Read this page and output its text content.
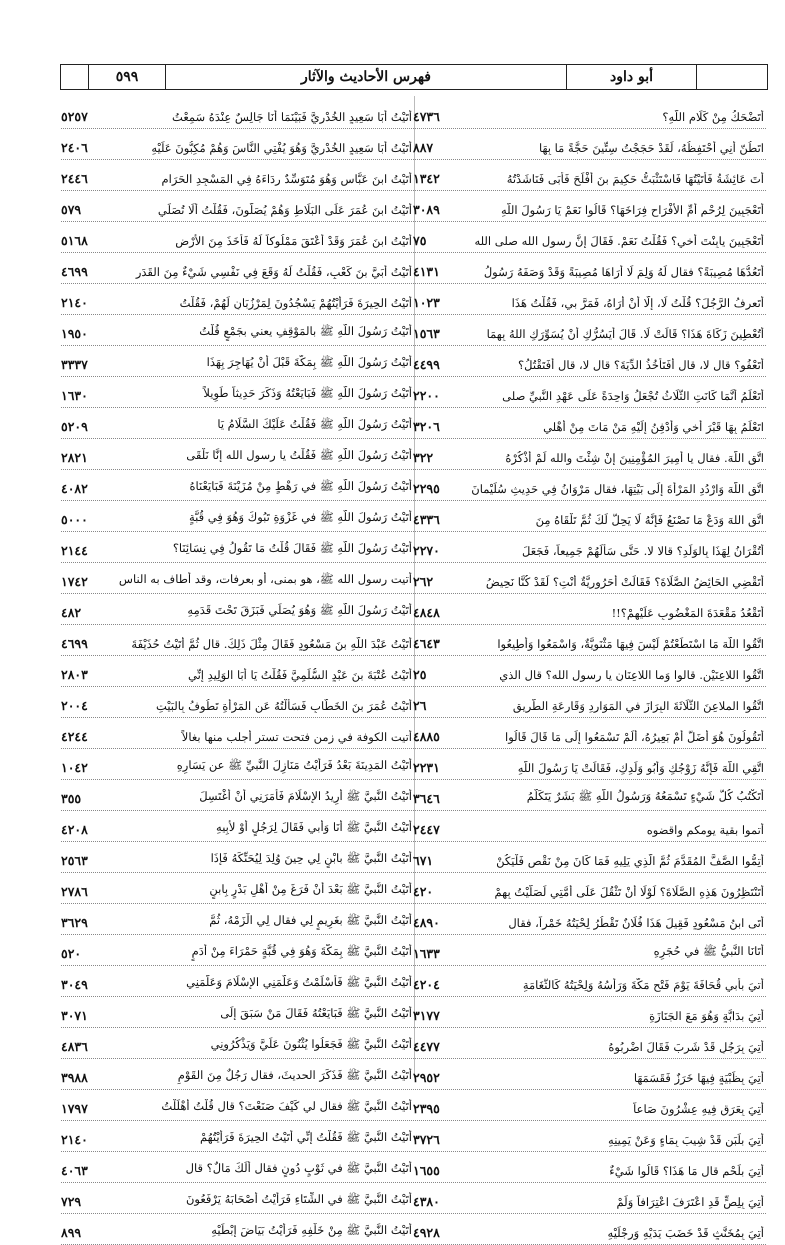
٥٩٩	فهرس الأحاديث والآثار	أبو داود
٤٧٣٦	أَتَضْحَكُ مِنْ كَلَامِ اللَّهِ؟
٨٨٧	اتَطُنّ أنِي أحْتَفِظُهُ، لَقَدْ حَجَجْتُ سِتِّينَ حَجَّةً مَا بِهَا
١٣٤٢	أَتَ عَائِشَةُ فَأَتَيْتُهَا فَاسْتَثْبَتُّ حَكِيمَ بنَ أَفْلَحَ فَأَبَى فَنَاشَدْتُهُ
٣٠٨٩	أتَعْجَبِينَ لِرُحْمِ أمِّ الأفْرَاحِ فِرَاخَهَا؟ قَالُوا نَعَمْ يَا رَسُولَ اللَّهِ
٧٥	أتَعْجَبِينَ يابِنْتَ أخي؟ فَقُلْتُ نَعَمْ. فَقَالَ إنَّ رسول الله صلى الله
٤١٣١	أتَعُدُّهَا مُصِيبَةً؟ فقال لَهُ وَلِمَ لَا أرَاهَا مُصِيبَةً وَقَدْ وَصَفَهُ رَسُولُ
١٠٢٣	أتَعرِفُ الرَّجُلَ؟ قُلْتُ لَا، إلَّا أنْ أرَاهُ، فَمَرَّ بي، فَقُلْتُ هَذَا
١٥٦٣	أتُعْطِينَ زَكَاةَ هَذَا؟ قَالَتْ لَا. قَالَ أيَسُرُّكِ أنْ يُسَوِّرَكِ اللهُ بِهِمَا
٤٤٩٩	أتَعْفُو؟ قال لا، قال أفَتَأْخُذُ الدِّيَةَ؟ قال لا، قال أفَتَقْتُلُ؟
٢٢٠٠	أتَعْلَمُ أنَّمَا كَانَتِ الثَّلَاثُ تُجْعَلُ وَاحِدَةً عَلَى عَهْدِ النَّبيِّ صلى
٣٢٠٦	اتَعْلَمُ بِهَا قَبْرَ أخي وَأدْفِنُ إلَيْهِ مَنْ مَاتَ مِنْ أهْلي
٣٢٢	اتَّقِ اللَّهَ. فقال يا أمِيرَ المُؤْمِنِينَ إنْ شِئْتَ والله لَمْ أذْكُرْهُ
٢٢٩٥	اتَّقِ اللَّهَ وَارْدُدِ المَرْأةَ إلَى بَيْتِهَا، فقال مَرْوَانُ فِي حَدِيثِ سُلَيْمانَ
٤٣٣٦	اتَّقِ اللهَ وَدَعْ مَا تَصْنَعُ فَإنَّهُ لَا يَحِلُّ لَكَ ثُمَّ تَلْقَاهُ مِنَ
٢٢٧٠	أتُقْرَانُ لِهَذَا بِالوَلَدِ؟ قالا لا. حَتَّى سَألَهُمْ جَمِيعاً، فَجَعَلَ
٢٦٢	أتَقْضِي الحَائِضُ الصَّلَاةَ؟ فَقَالَتْ أحَرُورِيَّةٌ أنْتِ؟ لَقَدْ كُنَّا نَحِيضُ
٤٨٤٨	أتَقْعُدُ مَقْعَدَةَ المَغْضُوبِ عَلَيْهِمْ؟!!
٤٦٤٣	اتَّقُوا اللَّهَ مَا اسْتَطَعْتُمْ لَيْسَ فِيهَا مَثْنَوِيَّةٌ، وَاسْمَعُوا وَأطِيعُوا
٢٥	اتَّقُوا اللاعِنَيْنِ. قالوا وَما اللاعِنَانِ يا رسول الله؟ قال الذي
٢٦	اتَّقُوا الملاعِنَ الثَّلَاثَةَ البِرَازَ في المَوَارِدِ وَقَارِعَةِ الطَّرِيقِ
٤٨٨٥	أتَقُولُونَ هُوَ أضَلُّ أمْ بَعِيرُهُ، ألَمْ تَسْمَعُوا إلَى مَا قَالَ قَالُوا
٢٢٣١	اتَّقِي اللَّهَ فَإنَّهُ زَوْجُكِ وَأبُو وَلَدِكِ، فَقَالَتْ يَا رَسُولَ اللَّهِ
٣٦٤٦	أتَكْتُبُ كُلَّ شَيْءٍ تَسْمَعُهُ وَرَسُولُ اللَّهِ ﷺ بَشَرٌ يَتَكَلَّمُ
٢٤٤٧	أتموا بقية يومكم واقضوه
٦٧١	أتِمُّوا الصَّفَّ المُقَدَّمَ ثُمَّ الَّذِي يَلِيهِ فَمَا كَانَ مِنْ نَقْصٍ فَلْيَكُنْ
٤٢٠	أتَنْتَظِرُونَ هَذِهِ الصَّلَاةَ؟ لَوْلَا أنْ تَثْقُلَ عَلَى أمَّتِي لَصَلَّيْتُ بِهِمْ
٤٨٩٠	أتَى ابنُ مَسْعُودٍ فَقِيلَ هَذَا فُلَانٌ تَقْطُرُ لِحْيَتُهُ خَمْراً، فقال
١٦٣٣	أتَانَا النَّبيُّ ﷺ في حُجَرِهِ
٤٢٠٤	أتيَ بأبي قُحَافَةَ يَوْمَ فَتْحِ مَكَّةَ وَرَأْسُهُ وَلِحْيَتُهُ كَالثَّغَامَةِ
٣١٧٧	أتِيَ بدَابَّةٍ وَهُوَ مَعَ الجَنَازَةِ
٤٤٧٧	أتِيَ بِرَجُلٍ قَدْ شَرِبَ فَقَالَ اضْرِبُوهُ
٢٩٥٢	أتِيَ بِظَبْيَةٍ فِيهَا خَرَزٌ فَقَسَمَهَا
٢٣٩٥	أتِيَ بِعَرَقٍ فِيهِ عِشْرُونَ صَاعاً
٣٧٢٦	أتِيَ بلَبَنٍ قَدْ شِيبَ بِمَاءٍ وَعَنْ يَمِينِهِ
١٦٥٥	أتِيَ بلَحْمٍ قال مَا هَذَا؟ قَالُوا شَيْءٌ
٤٣٨٠	أتِيَ بِلِصٍّ قَدِ اعْتَرَفَ اعْتِرَافاً وَلَمْ
٤٩٢٨	أتِيَ بِمُخَنَّثٍ قَدْ خَضَبَ يَدَيْهِ وَرِجْلَيْهِ
٥٢٥٧	أتَيْتُ أبَا سَعِيدٍ الخُدْرِيَّ فَبَيْنَمَا أنَا جَالِسٌ عِنْدَهُ سَمِعْتُ
٢٤٠٦	أتَيْتُ أبَا سَعِيدٍ الخُدْرِيَّ وَهُوَ يُفْتِي النَّاسَ وَهُمْ مُكِبُّونَ عَلَيْهِ
٢٤٤٦	أتَيْتُ ابنَ عَبَّاسٍ وَهُوَ مُتَوَسِّدٌ رِدَاءَهُ فِي المَسْجِدِ الحَرَامِ
٥٧٩	أتَيْتُ ابنَ عُمَرَ عَلَى البَلَاطِ وَهُمْ يُصَلُّونَ، فَقُلْتُ ألَا تُصَلِّي
٥١٦٨	أتَيْتُ ابنَ عُمَرَ وَقَدْ أعْتَقَ مَمْلُوكاً لَهُ فَأخَذَ مِنَ الأرْضِ
٤٦٩٩	أتَيْتُ أبَيَّ بنَ كَعْبٍ، فَقُلْتُ لَهُ وَقَعَ فِي نَفْسِي شَيْءٌ مِنَ القَدَرِ
٢١٤٠	أتَيْتُ الحِيرَةَ فَرَأَيْتُهُمْ يَسْجُدُونَ لِمَرْزُبَانٍ لَهُمْ، فَقُلْتُ
١٩٥٠	أتَيْتُ رَسُولَ اللَّهِ ﷺ بالمَوْقِفِ يعني بجَمْعٍ قُلْتُ
٣٣٣٧	أتَيْتُ رَسُولَ اللَّهِ ﷺ بِمَكَّةَ قَبْلَ أنْ يُهَاجِرَ بِهَذَا
١٦٣٠	أتَيْتُ رَسُولَ اللَّهِ ﷺ فَبَايَعْتُهُ وَذَكَرَ حَدِيثاً طَوِيلاً
٥٢٠٩	أتَيْتُ رَسُولَ اللَّهِ ﷺ فَقُلْتُ عَلَيْكَ السَّلَامُ يَا
٢٨٢١	أتَيْتُ رَسُولَ اللَّهِ ﷺ فَقُلْتُ يا رسول الله إنَّا نَلْقَى
٤٠٨٢	أتَيْتُ رَسُولَ اللَّهِ ﷺ في رَهْطٍ مِنْ مُزَيْنَةَ فَبَايَعْنَاهُ
٥٠٠٠	أتَيْتُ رَسُولَ اللَّهِ ﷺ في غَزْوَةِ تَبُوكَ وَهُوَ فِي قُبَّةٍ
٢١٤٤	أتَيْتُ رَسُولَ اللَّهِ ﷺ فَقَالَ قُلْتُ مَا تَقُولُ فِي نِسَائِنَا؟
١٧٤٢	أتيت رسول الله ﷺ، هو بمنى، أو بعرفات، وقد أطاف به الناس
٤٨٢	أتَيْتُ رَسُولَ اللَّهِ ﷺ وَهُوَ يُصَلِّي فَبَزَقَ تَحْتَ قَدَمِهِ
٤٦٩٩	أتَيْتُ عَبْدَ اللَّهِ بنَ مَسْعُودٍ فَقَالَ مِثْلَ ذَلِكَ. قال ثُمَّ أتَيْتُ حُذَيْفَةَ
٢٨٠٣	أتَيْتُ عُتْبَةَ بنَ عَبْدٍ السُّلَمِيَّ فَقُلْتُ يَا أبَا الوَلِيدِ إنِّي
٢٠٠٤	أتَيْتُ عُمَرَ بنَ الخَطَّابِ فَسَألْتُهُ عَنِ المَرْأةِ تَطُوفُ بِالبَيْتِ
٤٢٤٤	أتيت الكوفة في زمن فتحت تستر أجلب منها بغالاً
١٠٤٢	أتَيْتُ المَدِينَةَ بَعْدُ فَرَأيْتُ مَنَازِلَ النَّبيِّ ﷺ عن يَسَارِهِ
٣٥٥	أتَيْتُ النَّبيَّ ﷺ أُرِيدُ الإسْلَامَ فَأمَرَنِي أنْ أغْتَسِلَ
٤٢٠٨	أتَيْتُ النَّبيَّ ﷺ أنَا وَأبي فَقَالَ لِرَجُلٍ أوْ لأبِيهِ
٢٥٦٣	أتَيْتُ النَّبيَّ ﷺ بابْنٍ لِي حِينَ وُلِدَ لِيُحَنِّكَهُ فَإذَا
٢٧٨٦	أتَيْتُ النَّبيَّ ﷺ بَعْدَ أنْ فَرَغَ مِنْ أهْلِ بَدْرٍ بِابنٍ
٣٦٢٩	أتَيْتُ النَّبيَّ ﷺ بغَرِيمٍ لِي فقال لِي الْزَمْهُ، ثُمَّ
٥٢٠	أتَيْتُ النَّبيَّ ﷺ بِمَكَّةَ وَهُوَ فِي قُبَّةٍ حَمْرَاءَ مِنْ أدَمٍ
٣٠٤٩	أتَيْتُ النَّبيَّ ﷺ فَأسْلَمْتُ وَعَلَّمَنِي الإسْلَامَ وَعَلَّمَنِي
٣٠٧١	أتَيْتُ النَّبيَّ ﷺ فَبَايَعْتُهُ فَقَالَ مَنْ سَبَقَ إلَى
٤٨٣٦	أتَيْتُ النَّبيَّ ﷺ فَجَعَلُوا يُثْنُونَ عَلَيَّ وَيَذْكُرُونِي
٣٩٨٨	أتَيْتُ النَّبيَّ ﷺ فَذَكَرَ الحديثَ، فقال رَجُلٌ مِنَ القَوْمِ
١٧٩٧	أتَيْتُ النَّبيَّ ﷺ فقال لي كَيْفَ صَنَعْتَ؟ قال قُلْتُ أهْلَلْتُ
٢١٤٠	أتَيْتُ النَّبيَّ ﷺ فَقُلْتُ إنِّي أتَيْتُ الحِيرَةَ فَرَأيْتُهُمْ
٤٠٦٣	أتَيْتُ النَّبيَّ ﷺ في ثَوْبٍ دُونٍ فقال ألَكَ مَالٌ؟ قال
٧٢٩	أتَيْتُ النَّبيَّ ﷺ في الشِّتَاءِ فَرَأيْتُ أصْحَابَهُ يَرْفَعُونَ
٨٩٩	أتَيْتُ النَّبيَّ ﷺ مِنْ خَلْفِهِ فَرَأيْتُ بَيَاضَ إبْطَيْهِ
